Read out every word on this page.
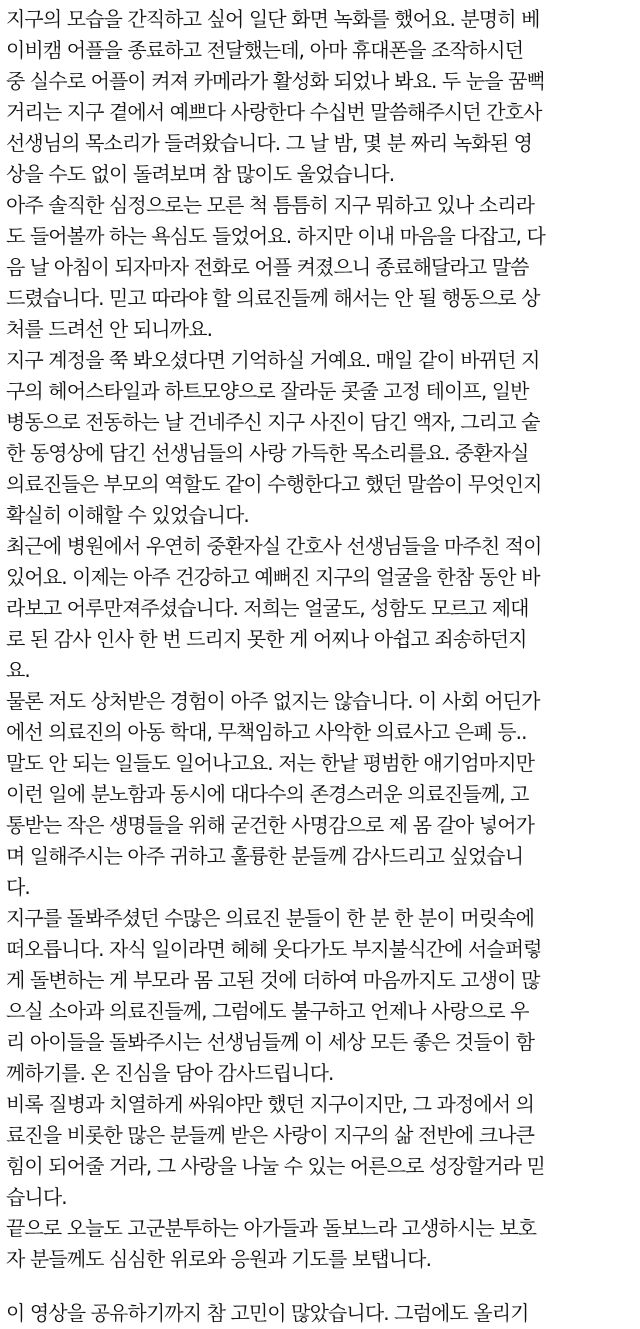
지구의 모습을 간직하고 싶어 일단 화면 녹화를 했어요. 분명히 베
이비캠 어플을 종료하고 전달했는데, 아마 휴대폰을 조작하시던
중 실수로 어플이 켜져 카메라가 활성화 되었나 봐요. 두 눈을 꿈뻑
거리는 지구 곁에서 예쁘다 사랑한다 수십번 말씀해주시던 간호사
선생님의 목소리가 들려왔습니다. 그 날 밤, 몇 분 짜리 녹화된 영
상을 수도 없이 돌려보며 참 많이도 울었습니다.
아주 솔직한 심정으로는 모른 척 틈틈히 지구 뭐하고 있나 소리라
도 들어볼까 하는 욕심도 들었어요. 하지만 이내 마음을 다잡고, 다
음 날 아침이 되자마자 전화로 어플 켜졌으니 종료해달라고 말씀
드렸습니다. 믿고 따라야 할 의료진들께 해서는 안 될 행동으로 상
처를 드려선 안 되니까요.
지구 계정을 쭉 봐오셨다면 기억하실 거예요. 매일 같이 바뀌던 지
구의 헤어스타일과 하트모양으로 잘라둔 콧줄 고정 테이프, 일반
병동으로 전동하는 날 건네주신 지구 사진이 담긴 액자, 그리고 숱
한 동영상에 담긴 선생님들의 사랑 가득한 목소리를요. 중환자실
의료진들은 부모의 역할도 같이 수행한다고 했던 말씀이 무엇인지
확실히 이해할 수 있었습니다.
최근에 병원에서 우연히 중환자실 간호사 선생님들을 마주친 적이
있어요. 이제는 아주 건강하고 예뻐진 지구의 얼굴을 한참 동안 바
라보고 어루만져주셨습니다. 저희는 얼굴도, 성함도 모르고 제대
로 된 감사 인사 한 번 드리지 못한 게 어찌나 아쉽고 죄송하던지
요.
물론 저도 상처받은 경험이 아주 없지는 않습니다. 이 사회 어딘가
에선 의료진의 아동 학대, 무책임하고 사악한 의료사고 은폐 등..
말도 안 되는 일들도 일어나고요. 저는 한낱 평범한 애기엄마지만
이런 일에 분노함과 동시에 대다수의 존경스러운 의료진들께, 고
통받는 작은 생명들을 위해 굳건한 사명감으로 제 몸 갈아 넣어가
며 일해주시는 아주 귀하고 훌륭한 분들께 감사드리고 싶었습니
다.
지구를 돌봐주셨던 수많은 의료진 분들이 한 분 한 분이 머릿속에
떠오릅니다. 자식 일이라면 헤헤 웃다가도 부지불식간에 서슬퍼렇
게 돌변하는 게 부모라 몸 고된 것에 더하여 마음까지도 고생이 많
으실 소아과 의료진들께, 그럼에도 불구하고 언제나 사랑으로 우
리 아이들을 돌봐주시는 선생님들께 이 세상 모든 좋은 것들이 함
께하기를. 온 진심을 담아 감사드립니다.
비록 질병과 치열하게 싸워야만 했던 지구이지만, 그 과정에서 의
료진을 비롯한 많은 분들께 받은 사랑이 지구의 삶 전반에 크나큰
힘이 되어줄 거라, 그 사랑을 나눌 수 있는 어른으로 성장할거라 믿
습니다.
끝으로 오늘도 고군분투하는 아가들과 돌보느라 고생하시는 보호
자 분들께도 심심한 위로와 응원과 기도를 보탭니다.
이 영상을 공유하기까지 참 고민이 많았습니다. 그럼에도 올리기
